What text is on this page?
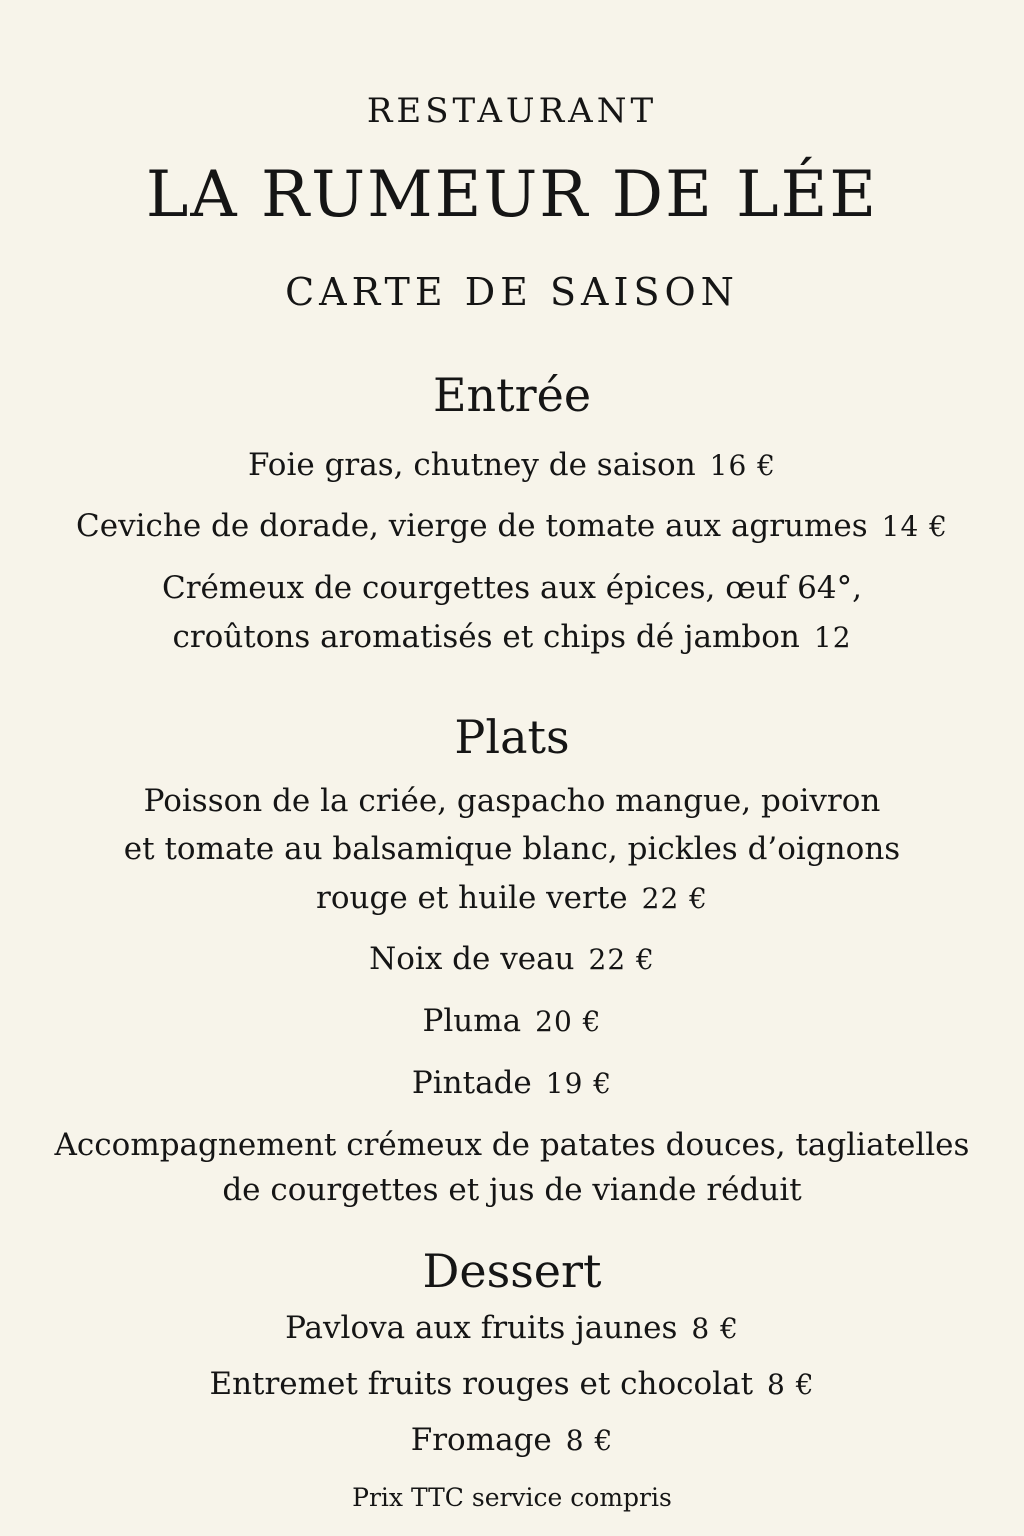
RESTAURANT
LA RUMEUR DE LÉE
CARTE DE SAISON
Entrée
Foie gras, chutney de saison 16 €
Ceviche de dorade, vierge de tomate aux agrumes 14 €
Crémeux de courgettes aux épices, œuf 64°,
croûtons aromatisés et chips dé jambon 12
Plats
Poisson de la criée, gaspacho mangue, poivron
et tomate au balsamique blanc, pickles d’oignons
rouge et huile verte 22 €
Noix de veau 22 €
Pluma 20 €
Pintade 19 €
Accompagnement crémeux de patates douces, tagliatelles
de courgettes et jus de viande réduit
Dessert
Pavlova aux fruits jaunes 8 €
Entremet fruits rouges et chocolat 8 €
Fromage 8 €
Prix TTC service compris
